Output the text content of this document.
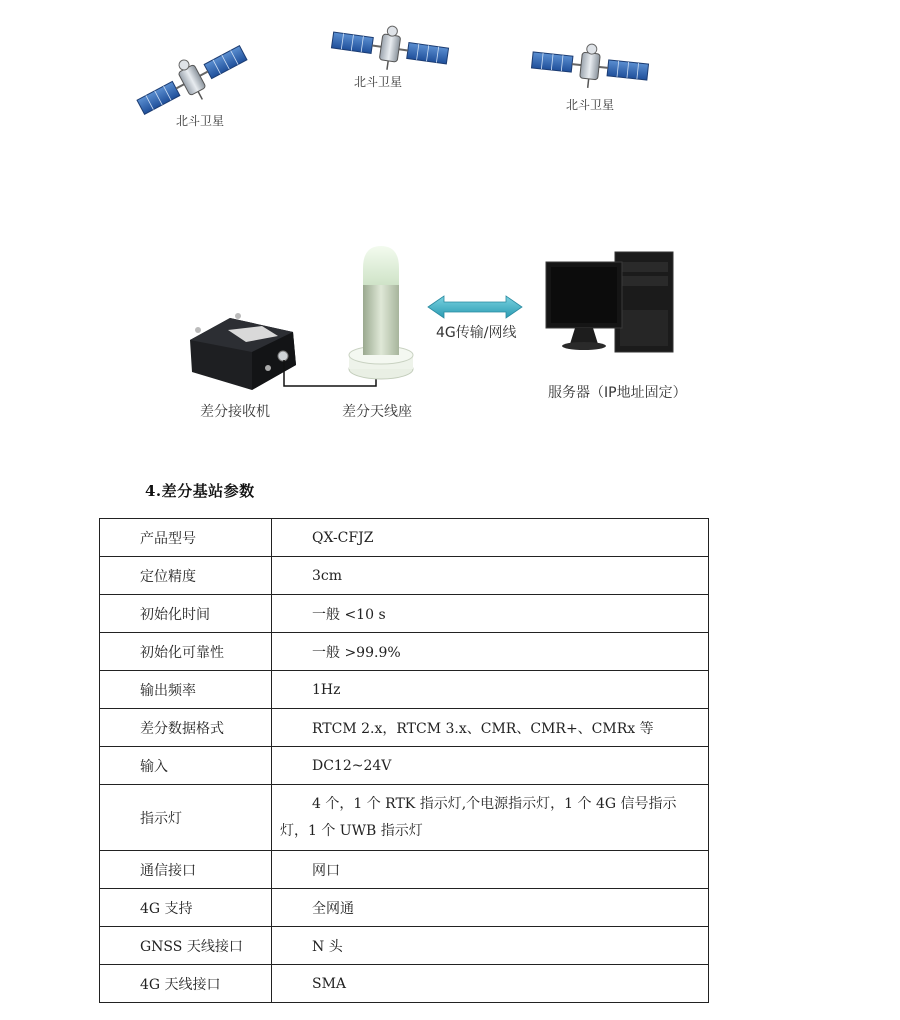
北斗卫星
北斗卫星
北斗卫星
差分接收机	差分天线座
4G传输/网线
服务器（IP地址固定）
4.差分基站参数
产品型号	QX-CFJZ
定位精度	3cm
初始化时间	一般 <10 s
初始化可靠性	一般 >99.9%
输出频率	1Hz
差分数据格式	RTCM 2.x，RTCM 3.x、CMR、CMR+、CMRx 等
输入	DC12~24V
指示灯	4 个，1 个 RTK 指示灯,个电源指示灯，1 个 4G 信号指示灯，1 个 UWB 指示灯
通信接口	网口
4G 支持	全网通
GNSS 天线接口	N 头
4G 天线接口	SMA
